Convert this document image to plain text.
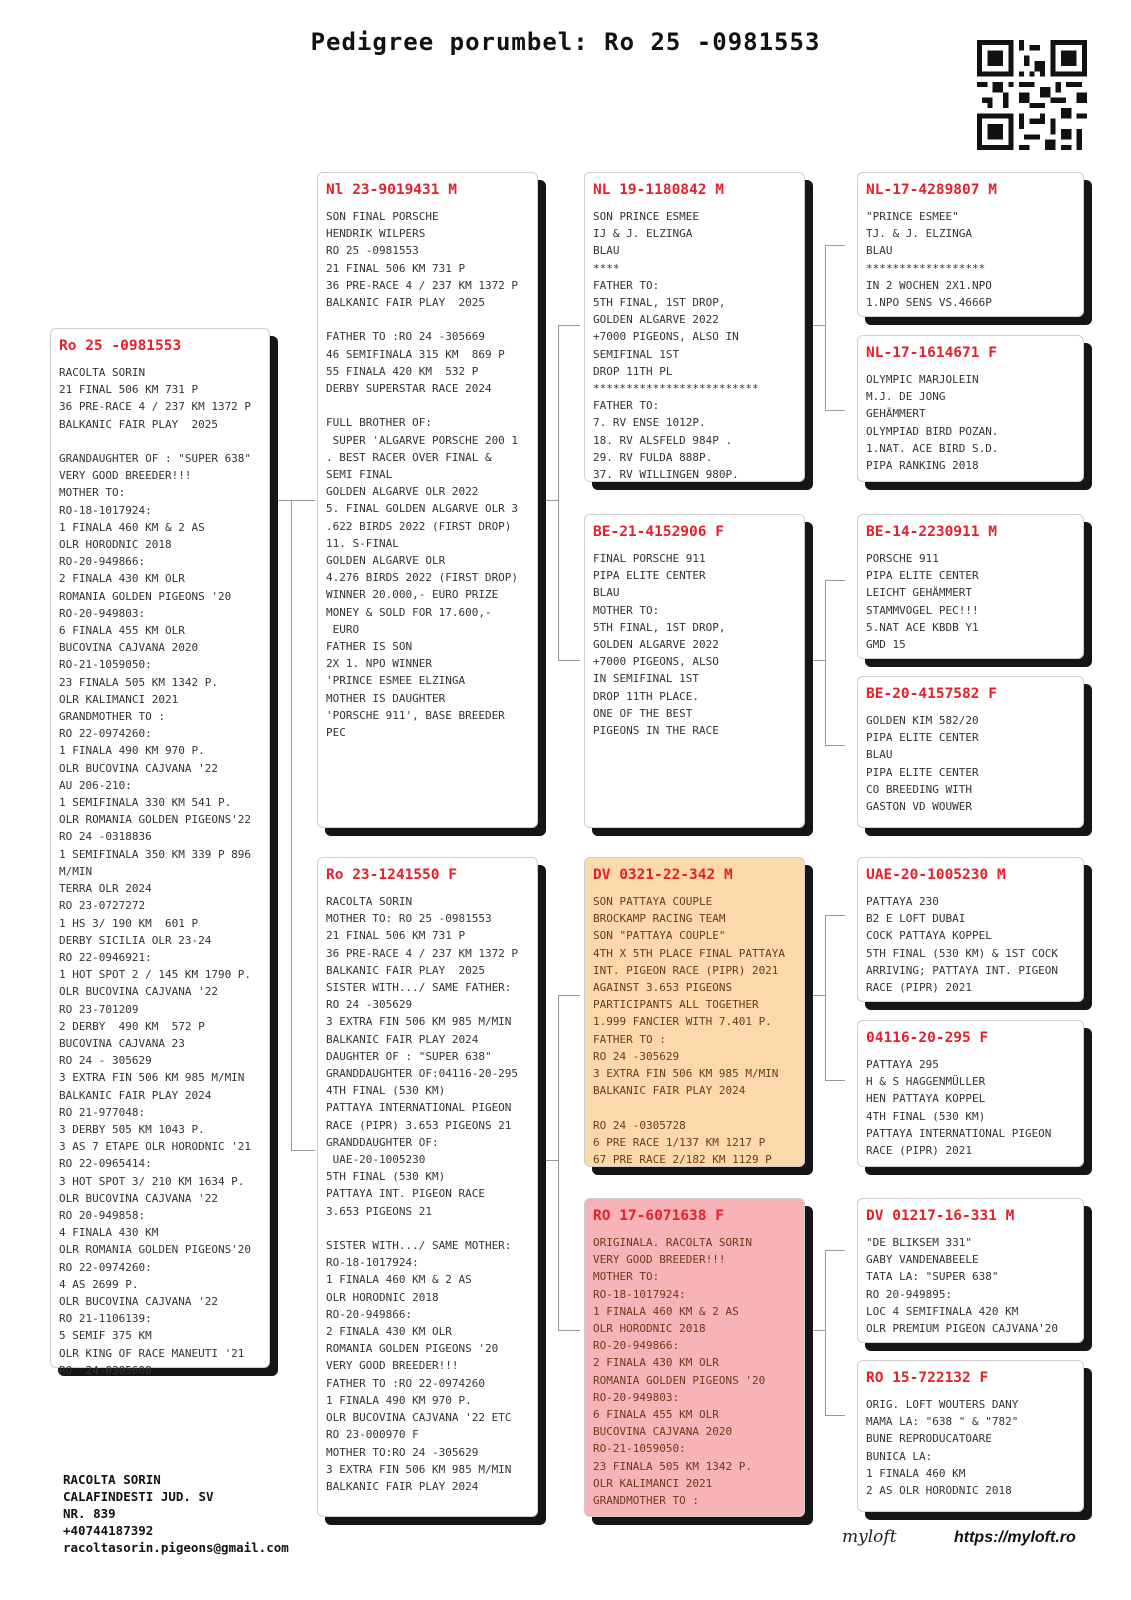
Pedigree porumbel: Ro 25 -0981553
Ro 25 -0981553
RACOLTA SORIN
21 FINAL 506 KM 731 P
36 PRE-RACE 4 / 237 KM 1372 P
BALKANIC FAIR PLAY  2025

GRANDAUGHTER OF : "SUPER 638"
VERY GOOD BREEDER!!!
MOTHER TO:
RO-18-1017924:
1 FINALA 460 KM & 2 AS
OLR HORODNIC 2018
RO-20-949866:
2 FINALA 430 KM OLR
ROMANIA GOLDEN PIGEONS '20
RO-20-949803:
6 FINALA 455 KM OLR
BUCOVINA CAJVANA 2020
RO-21-1059050:
23 FINALA 505 KM 1342 P.
OLR KALIMANCI 2021
GRANDMOTHER TO :
RO 22-0974260:
1 FINALA 490 KM 970 P.
OLR BUCOVINA CAJVANA '22
AU 206-210:
1 SEMIFINALA 330 KM 541 P.
OLR ROMANIA GOLDEN PIGEONS'22
RO 24 -0318836
1 SEMIFINALA 350 KM 339 P 896
M/MIN
TERRA OLR 2024
RO 23-0727272
1 HS 3/ 190 KM  601 P
DERBY SICILIA OLR 23-24
RO 22-0946921:
1 HOT SPOT 2 / 145 KM 1790 P.
OLR BUCOVINA CAJVANA '22
RO 23-701209
2 DERBY  490 KM  572 P
BUCOVINA CAJVANA 23
RO 24 - 305629
3 EXTRA FIN 506 KM 985 M/MIN
BALKANIC FAIR PLAY 2024
RO 21-977048:
3 DERBY 505 KM 1043 P.
3 AS 7 ETAPE OLR HORODNIC '21
RO 22-0965414:
3 HOT SPOT 3/ 210 KM 1634 P.
OLR BUCOVINA CAJVANA '22
RO 20-949858:
4 FINALA 430 KM
OLR ROMANIA GOLDEN PIGEONS'20
RO 22-0974260:
4 AS 2699 P.
OLR BUCOVINA CAJVANA '22
RO 21-1106139:
5 SEMIF 375 KM
OLR KING OF RACE MANEUTI '21
RO  24-0305608
Nl 23-9019431 M
SON FINAL PORSCHE
HENDRIK WILPERS
RO 25 -0981553
21 FINAL 506 KM 731 P
36 PRE-RACE 4 / 237 KM 1372 P
BALKANIC FAIR PLAY  2025

FATHER TO :RO 24 -305669
46 SEMIFINALA 315 KM  869 P
55 FINALA 420 KM  532 P
DERBY SUPERSTAR RACE 2024

FULL BROTHER OF:
SUPER 'ALGARVE PORSCHE 200 1
. BEST RACER OVER FINAL &
SEMI FINAL
GOLDEN ALGARVE OLR 2022
5. FINAL GOLDEN ALGARVE OLR 3
.622 BIRDS 2022 (FIRST DROP)
11. S-FINAL
GOLDEN ALGARVE OLR
4.276 BIRDS 2022 (FIRST DROP)
WINNER 20.000,- EURO PRIZE
MONEY & SOLD FOR 17.600,-
EURO
FATHER IS SON
2X 1. NPO WINNER
'PRINCE ESMEE ELZINGA
MOTHER IS DAUGHTER
'PORSCHE 911', BASE BREEDER
PEC
Ro 23-1241550 F
RACOLTA SORIN
MOTHER TO: RO 25 -0981553
21 FINAL 506 KM 731 P
36 PRE-RACE 4 / 237 KM 1372 P
BALKANIC FAIR PLAY  2025
SISTER WITH.../ SAME FATHER:
RO 24 -305629
3 EXTRA FIN 506 KM 985 M/MIN
BALKANIC FAIR PLAY 2024
DAUGHTER OF : "SUPER 638"
GRANDDAUGHTER OF:04116-20-295
4TH FINAL (530 KM)
PATTAYA INTERNATIONAL PIGEON
RACE (PIPR) 3.653 PIGEONS 21
GRANDDAUGHTER OF:
UAE-20-1005230
5TH FINAL (530 KM)
PATTAYA INT. PIGEON RACE
3.653 PIGEONS 21

SISTER WITH.../ SAME MOTHER:
RO-18-1017924:
1 FINALA 460 KM & 2 AS
OLR HORODNIC 2018
RO-20-949866:
2 FINALA 430 KM OLR
ROMANIA GOLDEN PIGEONS '20
VERY GOOD BREEDER!!!
FATHER TO :RO 22-0974260
1 FINALA 490 KM 970 P.
OLR BUCOVINA CAJVANA '22 ETC
RO 23-000970 F
MOTHER TO:RO 24 -305629
3 EXTRA FIN 506 KM 985 M/MIN
BALKANIC FAIR PLAY 2024
NL 19-1180842 M
SON PRINCE ESMEE
IJ & J. ELZINGA
BLAU
****
FATHER TO:
5TH FINAL, 1ST DROP,
GOLDEN ALGARVE 2022
+7000 PIGEONS, ALSO IN
SEMIFINAL 1ST
DROP 11TH PL
*************************
FATHER TO:
7. RV ENSE 1012P.
18. RV ALSFELD 984P .
29. RV FULDA 888P.
37. RV WILLINGEN 980P.
BE-21-4152906 F
FINAL PORSCHE 911
PIPA ELITE CENTER
BLAU
MOTHER TO:
5TH FINAL, 1ST DROP,
GOLDEN ALGARVE 2022
+7000 PIGEONS, ALSO
IN SEMIFINAL 1ST
DROP 11TH PLACE.
ONE OF THE BEST
PIGEONS IN THE RACE
DV 0321-22-342 M
SON PATTAYA COUPLE
BROCKAMP RACING TEAM
SON "PATTAYA COUPLE"
4TH X 5TH PLACE FINAL PATTAYA
INT. PIGEON RACE (PIPR) 2021
AGAINST 3.653 PIGEONS
PARTICIPANTS ALL TOGETHER
1.999 FANCIER WITH 7.401 P.
FATHER TO :
RO 24 -305629
3 EXTRA FIN 506 KM 985 M/MIN
BALKANIC FAIR PLAY 2024

RO 24 -0305728
6 PRE RACE 1/137 KM 1217 P
67 PRE RACE 2/182 KM 1129 P
RO 17-6071638 F
ORIGINALA. RACOLTA SORIN
VERY GOOD BREEDER!!!
MOTHER TO:
RO-18-1017924:
1 FINALA 460 KM & 2 AS
OLR HORODNIC 2018
RO-20-949866:
2 FINALA 430 KM OLR
ROMANIA GOLDEN PIGEONS '20
RO-20-949803:
6 FINALA 455 KM OLR
BUCOVINA CAJVANA 2020
RO-21-1059050:
23 FINALA 505 KM 1342 P.
OLR KALIMANCI 2021
GRANDMOTHER TO :
NL-17-4289807 M
"PRINCE ESMEE"
TJ. & J. ELZINGA
BLAU
******************
IN 2 WOCHEN 2X1.NPO
1.NPO SENS VS.4666P
NL-17-1614671 F
OLYMPIC MARJOLEIN
M.J. DE JONG
GEHÄMMERT
OLYMPIAD BIRD POZAN.
1.NAT. ACE BIRD S.D.
PIPA RANKING 2018
BE-14-2230911 M
PORSCHE 911
PIPA ELITE CENTER
LEICHT GEHÄMMERT
STAMMVOGEL PEC!!!
5.NAT ACE KBDB Y1
GMD 15
BE-20-4157582 F
GOLDEN KIM 582/20
PIPA ELITE CENTER
BLAU
PIPA ELITE CENTER
CO BREEDING WITH
GASTON VD WOUWER
UAE-20-1005230 M
PATTAYA 230
B2 E LOFT DUBAI
COCK PATTAYA KOPPEL
5TH FINAL (530 KM) & 1ST COCK
ARRIVING; PATTAYA INT. PIGEON
RACE (PIPR) 2021
04116-20-295 F
PATTAYA 295
H & S HAGGENMÜLLER
HEN PATTAYA KOPPEL
4TH FINAL (530 KM)
PATTAYA INTERNATIONAL PIGEON
RACE (PIPR) 2021
DV 01217-16-331 M
"DE BLIKSEM 331"
GABY VANDENABEELE
TATA LA: "SUPER 638"
RO 20-949895:
LOC 4 SEMIFINALA 420 KM
OLR PREMIUM PIGEON CAJVANA'20
RO 15-722132 F
ORIG. LOFT WOUTERS DANY
MAMA LA: "638 " & "782"
BUNE REPRODUCATOARE
BUNICA LA:
1 FINALA 460 KM
2 AS OLR HORODNIC 2018
RACOLTA SORIN
CALAFINDESTI JUD. SV
NR. 839
+40744187392
racoltasorin.pigeons@gmail.com
myloft	https://myloft.ro
